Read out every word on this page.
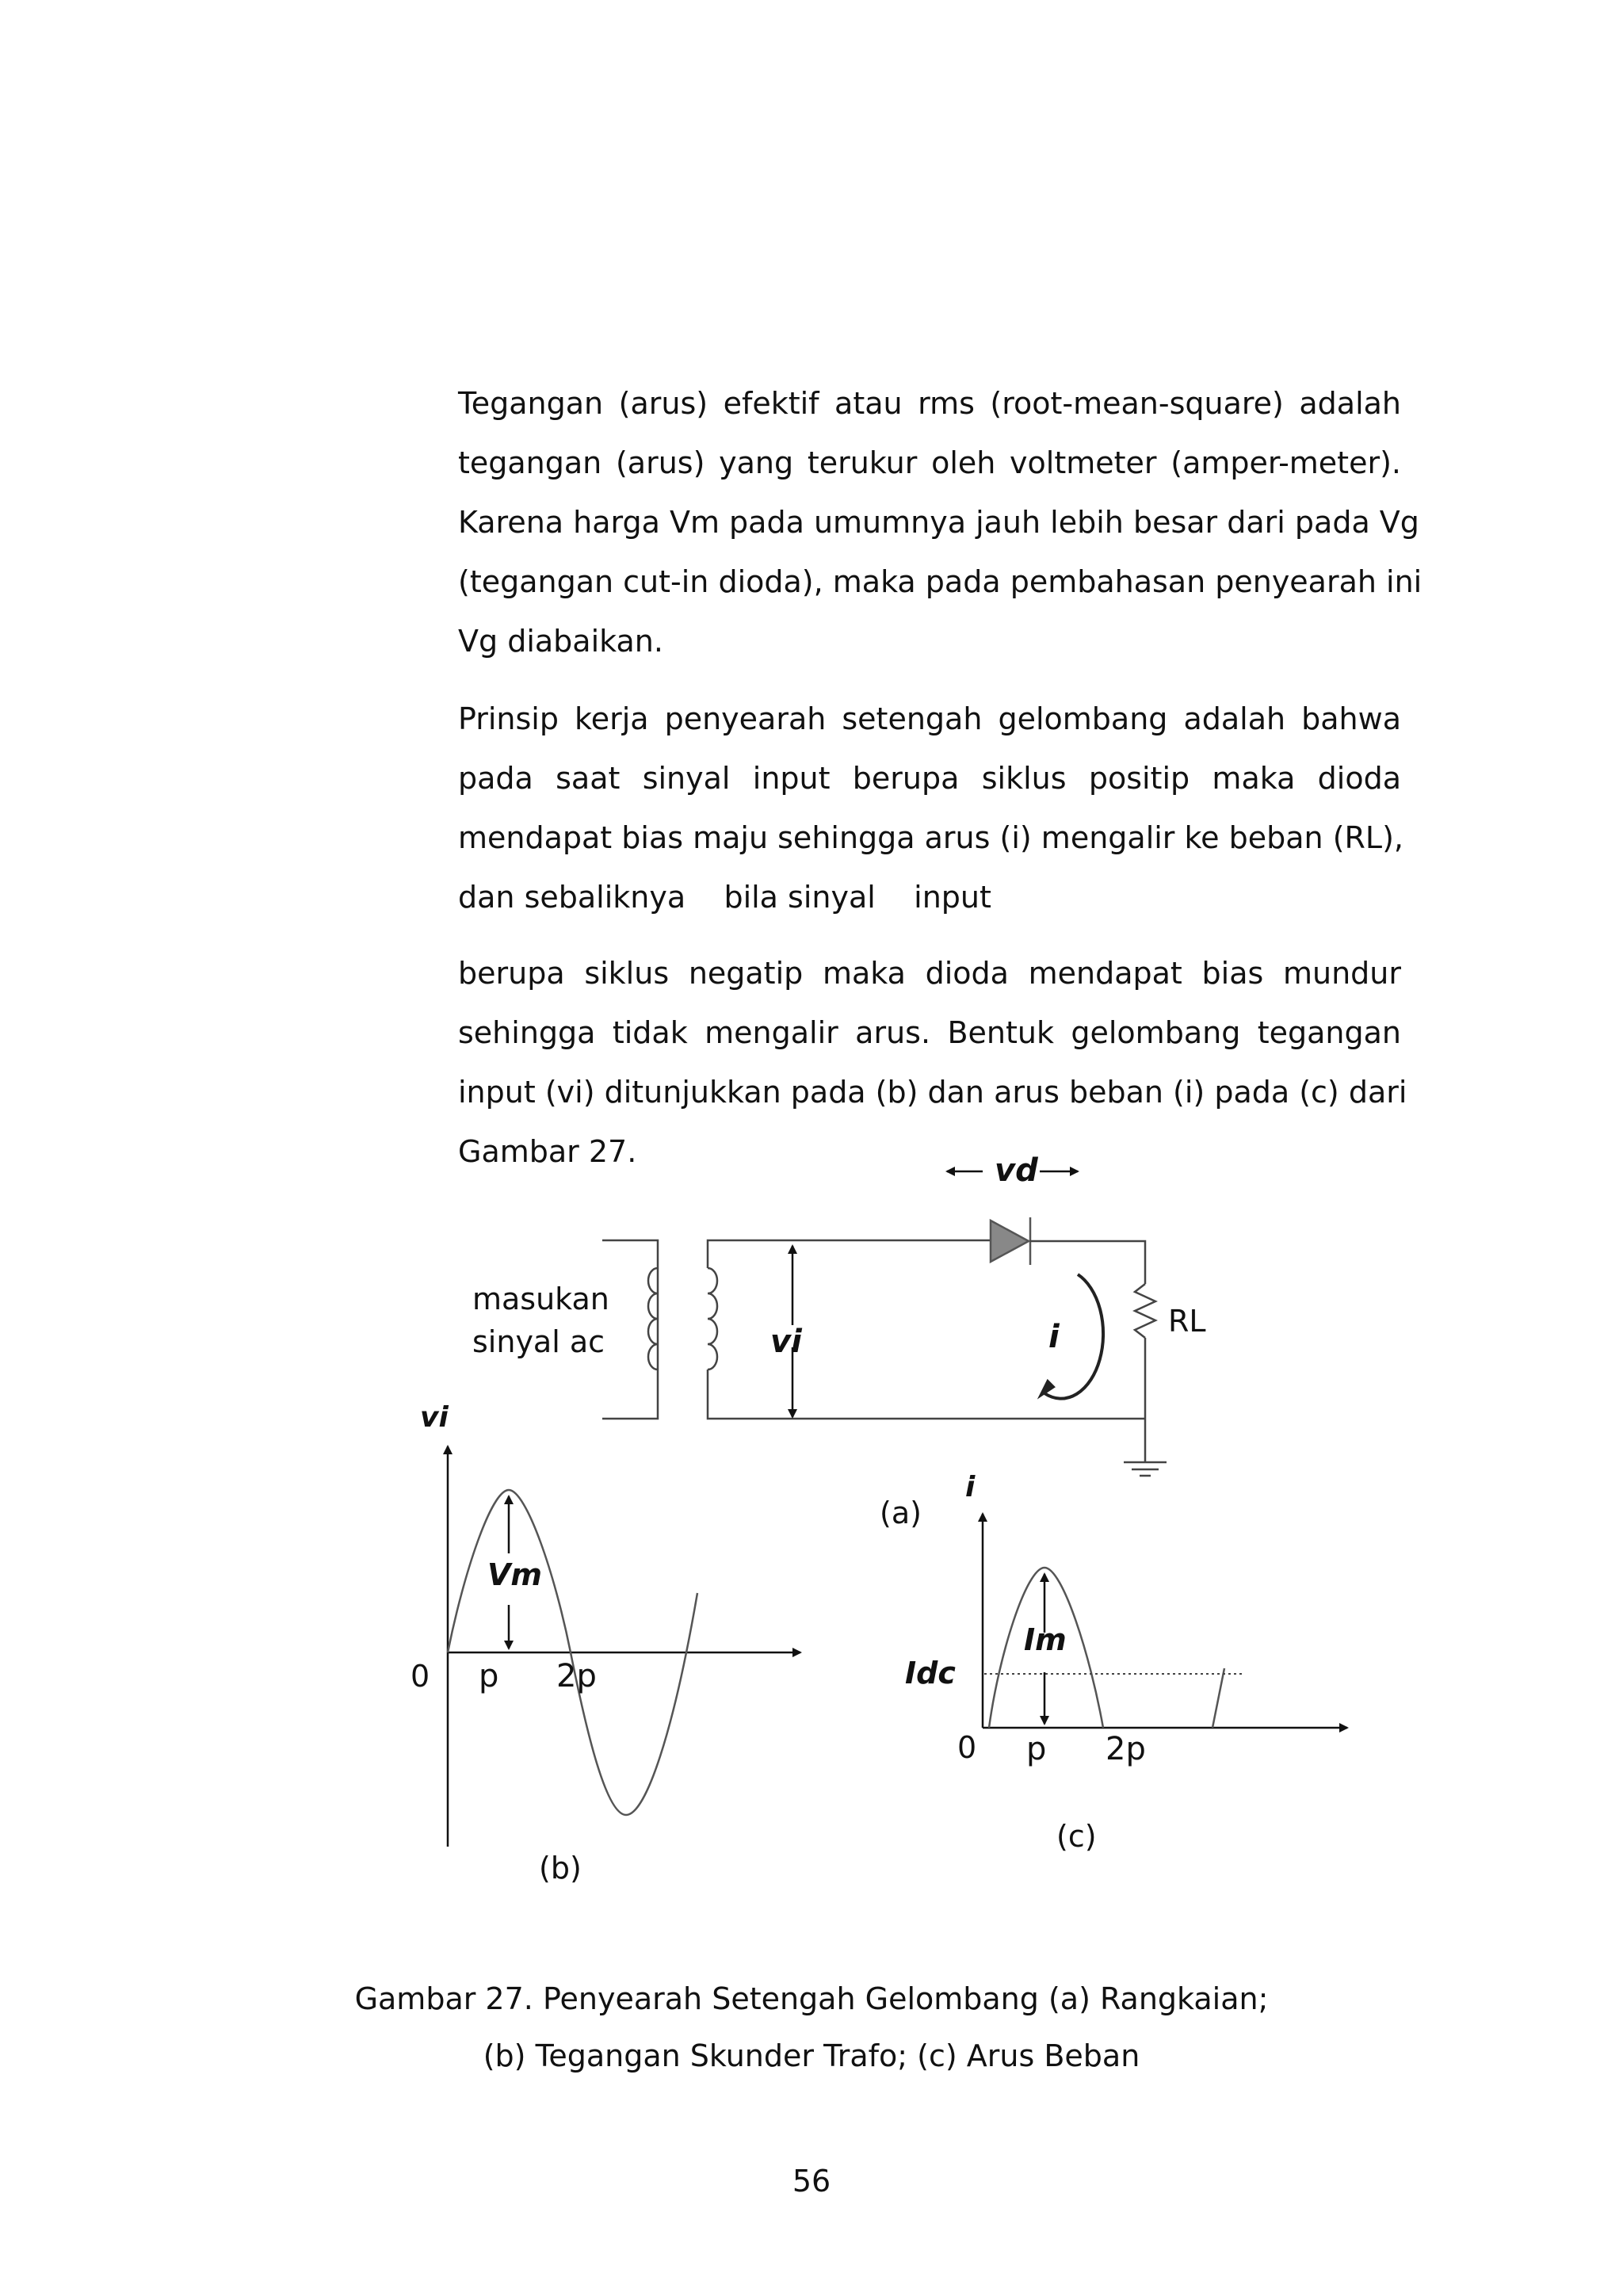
Tegangan (arus) efektif atau rms (root-mean-square) adalah
tegangan (arus) yang terukur oleh voltmeter (amper-meter).
Karena harga Vm pada umumnya jauh lebih besar dari pada Vg
(tegangan cut-in dioda), maka pada pembahasan penyearah ini
Vg diabaikan.
Prinsip kerja penyearah setengah gelombang adalah bahwa
pada saat sinyal input berupa siklus positip maka dioda
mendapat bias maju sehingga arus (i) mengalir ke beban (RL),
dan sebaliknya    bila sinyal    input
berupa siklus negatip maka dioda mendapat bias mundur
sehingga tidak mengalir arus. Bentuk gelombang tegangan
input (vi) ditunjukkan pada (b) dan arus beban (i) pada (c) dari
Gambar 27.
vd
masukan
sinyal ac	vi	i	RL
(a)
vi
Vm
0 p 2p
(b)
i
Im
Idc
0 p 2p
(c)

Gambar 27. Penyearah Setengah Gelombang (a) Rangkaian;

(b) Tegangan Skunder Trafo; (c) Arus Beban

56
